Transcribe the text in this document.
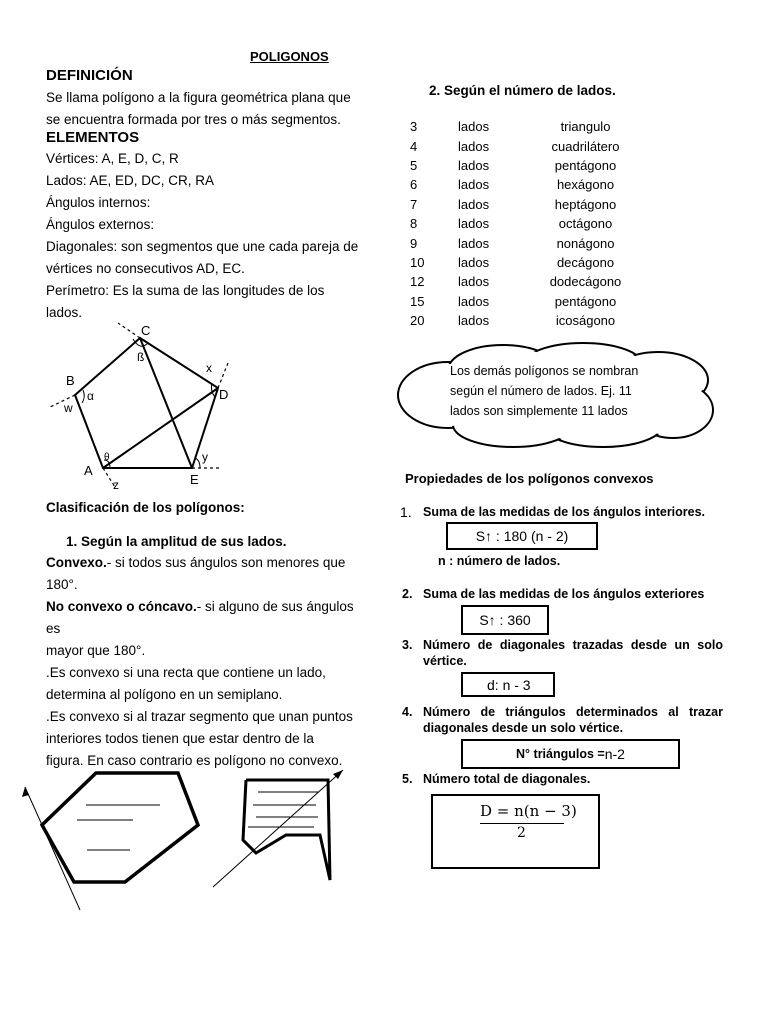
POLIGONOS
DEFINICIÓN
Se llama polígono a la figura geométrica plana que
se encuentra formada por tres o más segmentos.
ELEMENTOS
Vértices: A, E, D, C, R
Lados: AE, ED, DC, CR, RA
Ángulos internos:
Ángulos externos:
Diagonales: son segmentos que une cada pareja de
vértices no consecutivos AD, EC.
Perímetro: Es la suma de las longitudes de los
lados.
C
B
D
E
A
α
ß
θ
w
x
y
z
Clasificación de los polígonos:
1. Según la amplitud de sus lados.
Convexo.- si todos sus ángulos son menores que
180°.
No convexo o cóncavo.- si alguno de sus ángulos es
mayor que 180°.
.Es convexo si una recta que contiene un lado,
determina al polígono en un semiplano.
.Es convexo si al trazar segmento que unan puntos
interiores todos tienen que estar dentro de la
figura. En caso contrario es polígono no convexo.
2. Según el número de lados.
3	lados	triangulo
4	lados	cuadrilátero
5	lados	pentágono
6	lados	hexágono
7	lados	heptágono
8	lados	octágono
9	lados	nonágono
10	lados	decágono
12	lados	dodecágono
15	lados	pentágono
20	lados	icoságono
Los demás polígonos se nombran
según el número de lados. Ej. 11
lados son simplemente 11 lados
Propiedades de los polígonos convexos
1. Suma de las medidas de los ángulos interiores.
S↑ : 180 (n - 2)
n : número de lados.
2. Suma de las medidas de los ángulos exteriores
S↑ : 360
3. Número de diagonales trazadas desde un solo
vértice.
d: n - 3
4. Número de triángulos determinados al trazar
diagonales desde un solo vértice.
N° triángulos = n-2
5. Número total de diagonales.
D = n(n − 3)
2
